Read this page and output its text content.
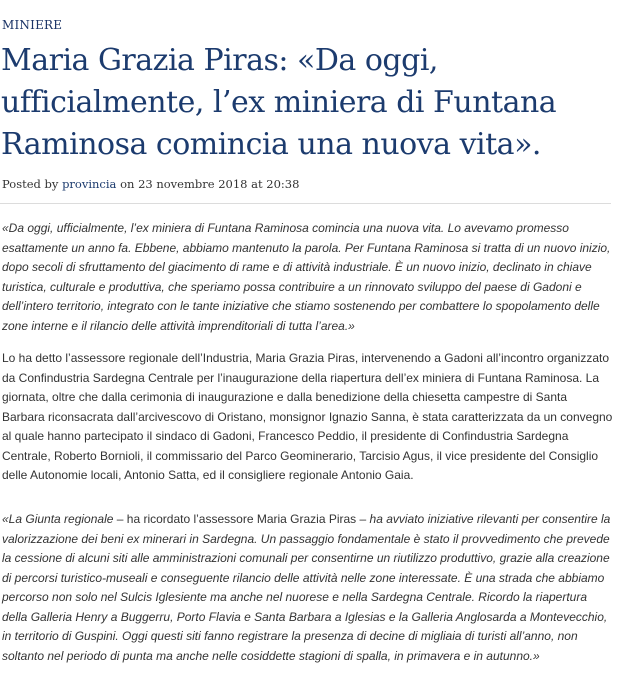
MINIERE
Maria Grazia Piras: «Da oggi, ufficialmente, l’ex miniera di Funtana Raminosa comincia una nuova vita».
Posted by provincia on 23 novembre 2018 at 20:38

«Da oggi, ufficialmente, l’ex miniera di Funtana Raminosa comincia una nuova vita. Lo avevamo promesso esattamente un anno fa. Ebbene, abbiamo mantenuto la parola. Per Funtana Raminosa si tratta di un nuovo inizio, dopo secoli di sfruttamento del giacimento di rame e di attività industriale. È un nuovo inizio, declinato in chiave turistica, culturale e produttiva, che speriamo possa contribuire a un rinnovato sviluppo del paese di Gadoni e dell’intero territorio, integrato con le tante iniziative che stiamo sostenendo per combattere lo spopolamento delle zone interne e il rilancio delle attività imprenditoriali di tutta l’area.»

Lo ha detto l’assessore regionale dell’Industria, Maria Grazia Piras, intervenendo a Gadoni all’incontro organizzato da Confindustria Sardegna Centrale per l’inaugurazione della riapertura dell’ex miniera di Funtana Raminosa. La giornata, oltre che dalla cerimonia di inaugurazione e dalla benedizione della chiesetta campestre di Santa Barbara riconsacrata dall’arcivescovo di Oristano, monsignor Ignazio Sanna, è stata caratterizzata da un convegno al quale hanno partecipato il sindaco di Gadoni, Francesco Peddio, il presidente di Confindustria Sardegna Centrale, Roberto Bornioli, il commissario del Parco Geominerario, Tarcisio Agus, il vice presidente del Consiglio delle Autonomie locali, Antonio Satta, ed il consigliere regionale Antonio Gaia.

«La Giunta regionale – ha ricordato l’assessore Maria Grazia Piras – ha avviato iniziative rilevanti per consentire la valorizzazione dei beni ex minerari in Sardegna. Un passaggio fondamentale è stato il provvedimento che prevede la cessione di alcuni siti alle amministrazioni comunali per consentirne un riutilizzo produttivo, grazie alla creazione di percorsi turistico-museali e conseguente rilancio delle attività nelle zone interessate. È una strada che abbiamo percorso non solo nel Sulcis Iglesiente ma anche nel nuorese e nella Sardegna Centrale. Ricordo la riapertura della Galleria Henry a Buggerru, Porto Flavia e Santa Barbara a Iglesias e la Galleria Anglosarda a Montevecchio, in territorio di Guspini. Oggi questi siti fanno registrare la presenza di decine di migliaia di turisti all’anno, non soltanto nel periodo di punta ma anche nelle cosiddette stagioni di spalla, in primavera e in autunno.»
